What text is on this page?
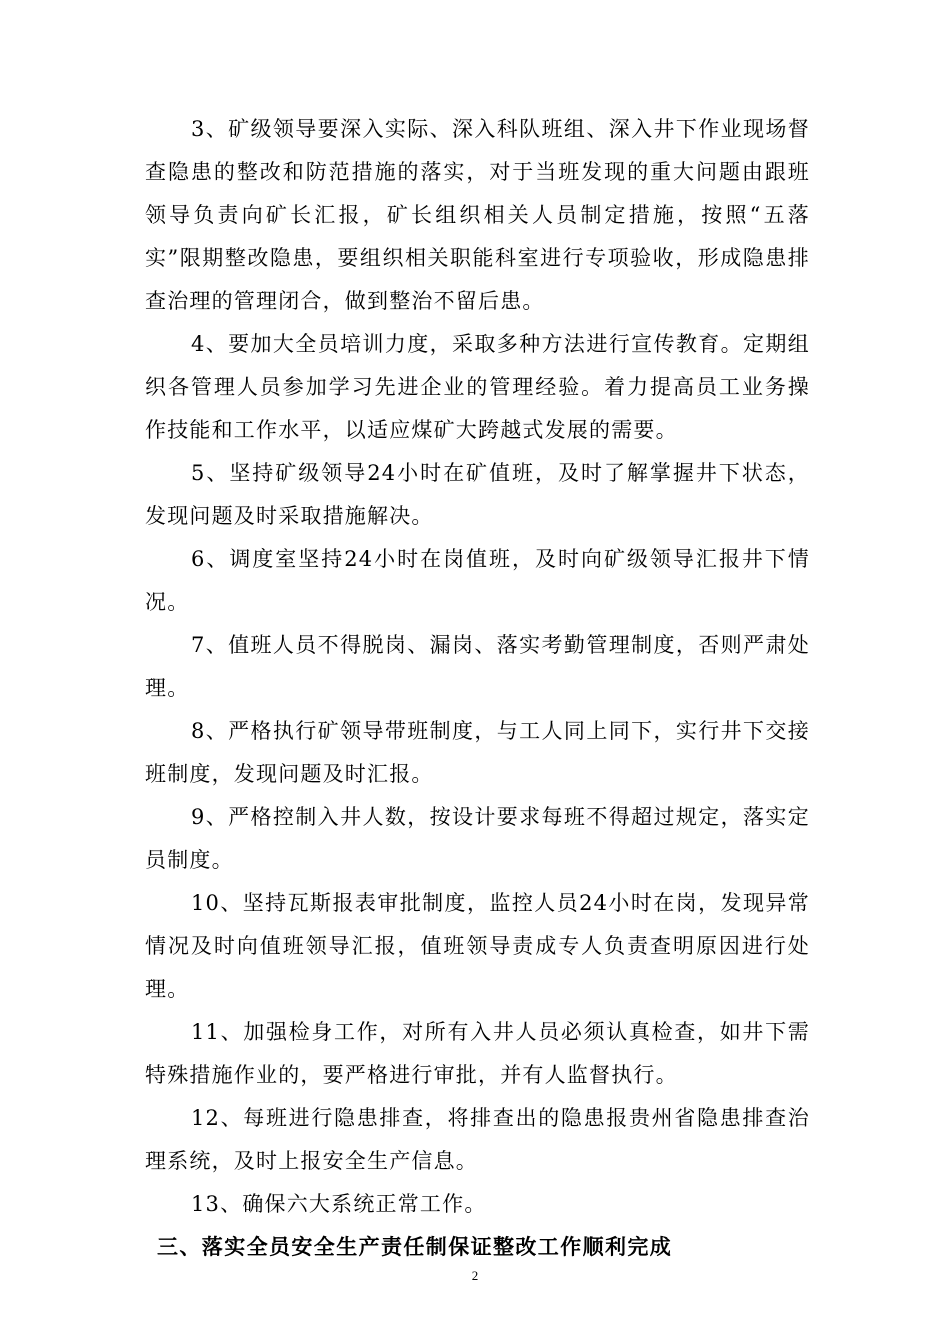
3、矿级领导要深入实际、深入科队班组、深入井下作业现场督查隐患的整改和防范措施的落实，对于当班发现的重大问题由跟班领导负责向矿长汇报，矿长组织相关人员制定措施，按照“五落实”限期整改隐患，要组织相关职能科室进行专项验收，形成隐患排查治理的管理闭合，做到整治不留后患。

4、要加大全员培训力度，采取多种方法进行宣传教育。定期组织各管理人员参加学习先进企业的管理经验。着力提高员工业务操作技能和工作水平，以适应煤矿大跨越式发展的需要。

5、坚持矿级领导24小时在矿值班，及时了解掌握井下状态，发现问题及时采取措施解决。

6、调度室坚持24小时在岗值班，及时向矿级领导汇报井下情况。

7、值班人员不得脱岗、漏岗、落实考勤管理制度，否则严肃处理。

8、严格执行矿领导带班制度，与工人同上同下，实行井下交接班制度，发现问题及时汇报。

9、严格控制入井人数，按设计要求每班不得超过规定，落实定员制度。

10、坚持瓦斯报表审批制度，监控人员24小时在岗，发现异常情况及时向值班领导汇报，值班领导责成专人负责查明原因进行处理。

11、加强检身工作，对所有入井人员必须认真检查，如井下需特殊措施作业的，要严格进行审批，并有人监督执行。

12、每班进行隐患排查，将排查出的隐患报贵州省隐患排查治理系统，及时上报安全生产信息。

13、确保六大系统正常工作。

三、落实全员安全生产责任制保证整改工作顺利完成

2
